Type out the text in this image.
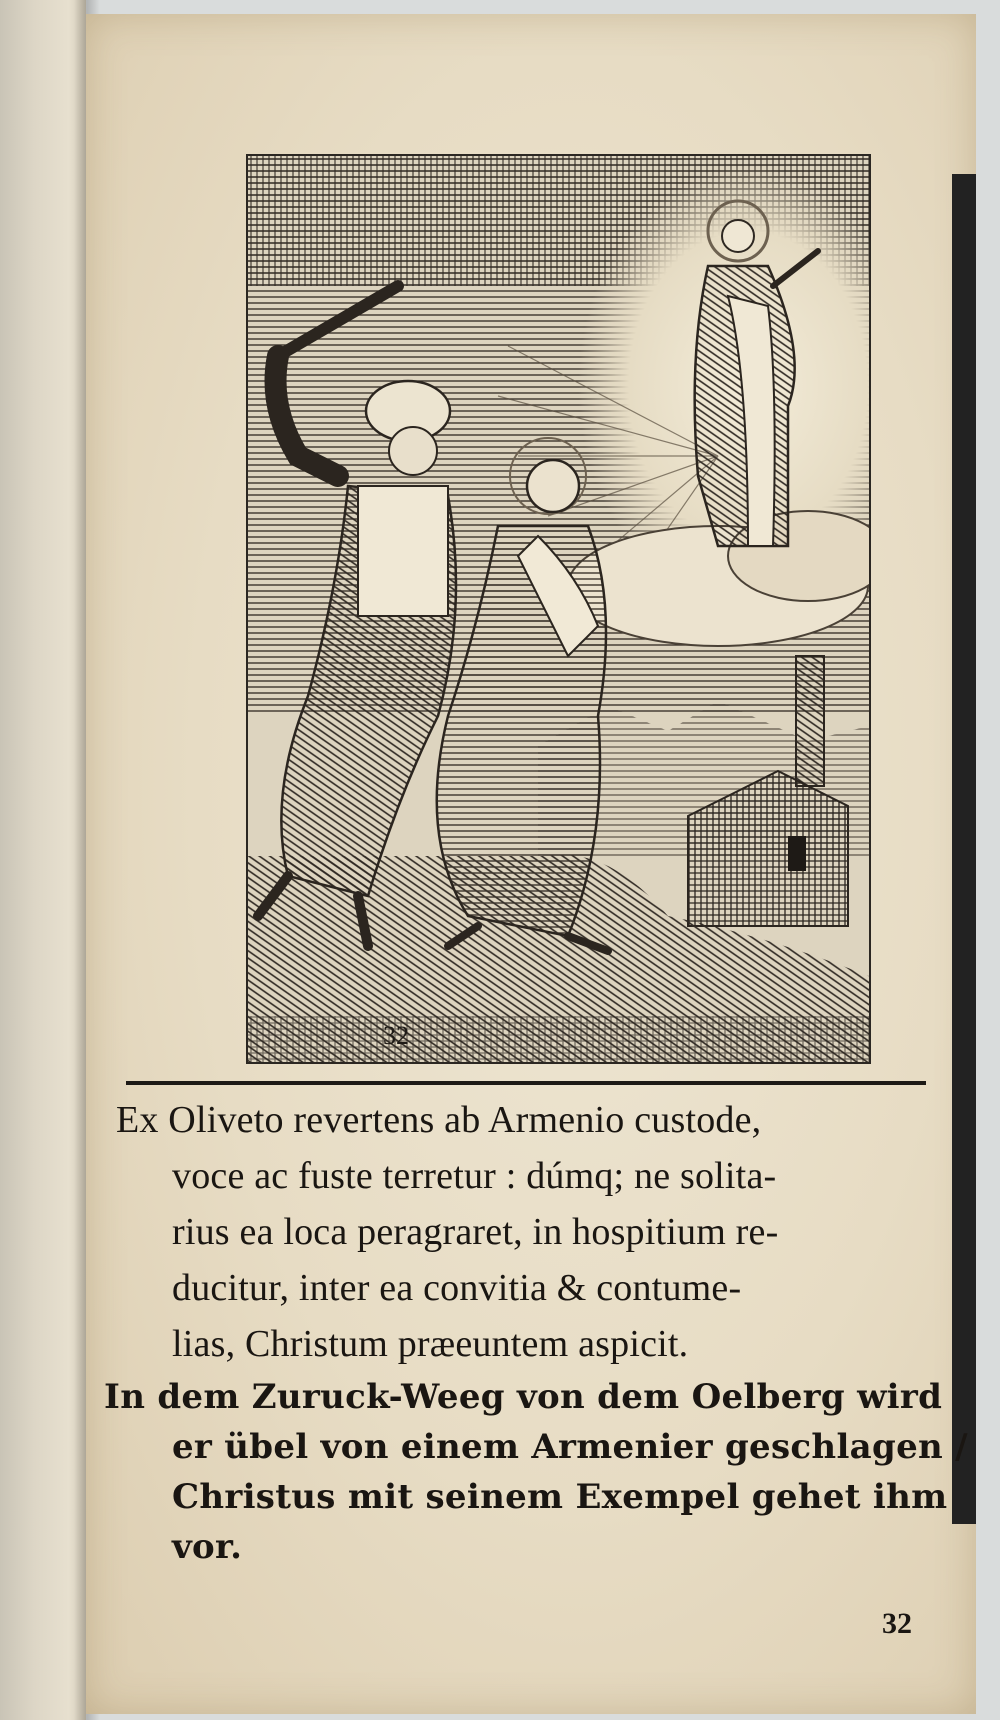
32
Ex Oliveto revertens ab Armenio custode,
voce ac fuste terretur : dúmq; ne solita-
rius ea loca peragraret, in hospitium re-
ducitur, inter ea convitia & contume-
lias, Christum præeuntem aspicit.
In dem Zuruck-Weeg von dem Oelberg wird
er übel von einem Armenier geschlagen /
Christus mit seinem Exempel gehet ihm
vor.
32
